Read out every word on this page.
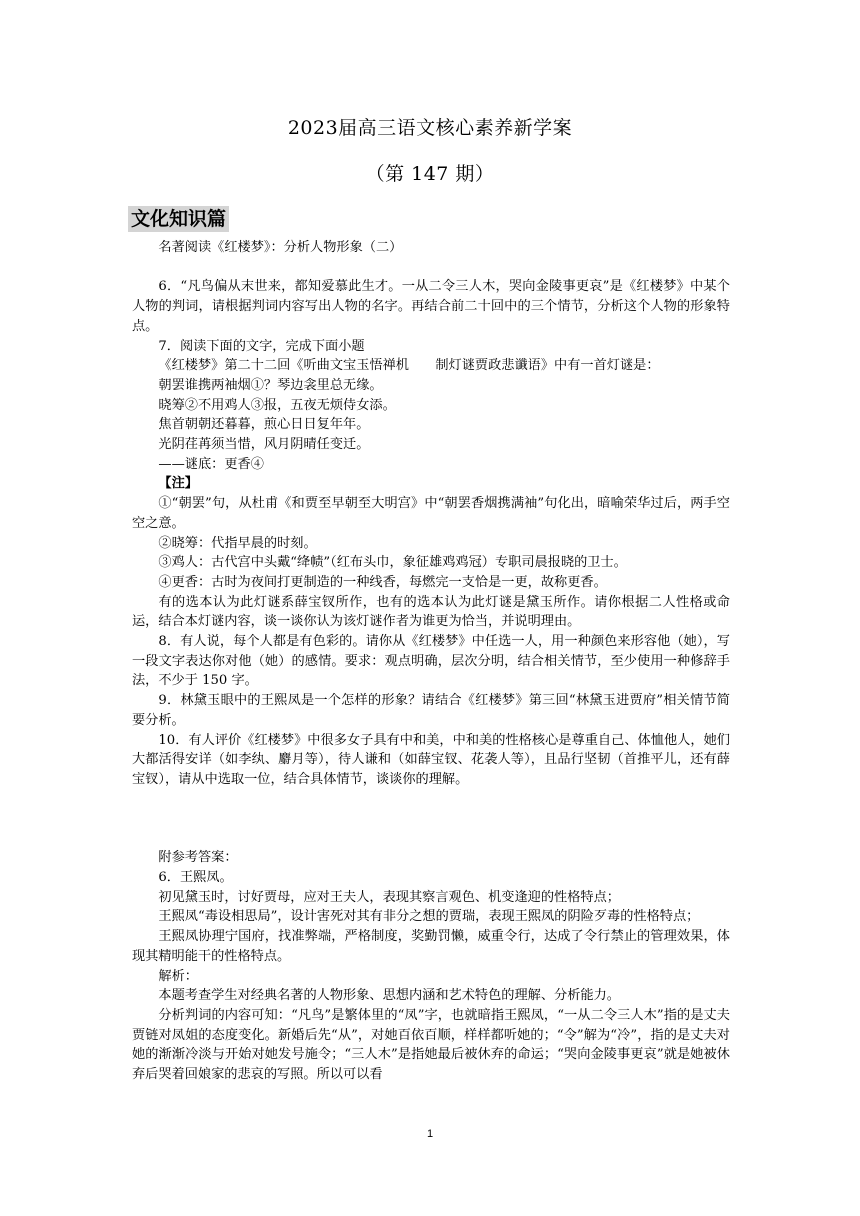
2023届高三语文核心素养新学案
（第 147 期）
文化知识篇

名著阅读《红楼梦》：分析人物形象（二）

6．“凡鸟偏从末世来，都知爱慕此生才。一从二令三人木，哭向金陵事更哀”是《红楼梦》中某个人物的判词，请根据判词内容写出人物的名字。再结合前二十回中的三个情节，分析这个人物的形象特点。

7．阅读下面的文字，完成下面小题

《红楼梦》第二十二回《听曲文宝玉悟禅机　　制灯谜贾政悲谶语》中有一首灯谜是：

朝罢谁携两袖烟①？琴边衾里总无缘。

晓筹②不用鸡人③报，五夜无烦侍女添。

焦首朝朝还暮暮，煎心日日复年年。

光阴荏苒须当惜，风月阴晴任变迁。

——谜底：更香④

【注】

①“朝罢”句，从杜甫《和贾至早朝至大明宫》中“朝罢香烟携满袖”句化出，暗喻荣华过后，两手空空之意。

②晓筹：代指早晨的时刻。

③鸡人：古代宫中头戴“绛帻”（红布头巾，象征雄鸡鸡冠）专职司晨报晓的卫士。

④更香：古时为夜间打更制造的一种线香，每燃完一支恰是一更，故称更香。

有的选本认为此灯谜系薛宝钗所作，也有的选本认为此灯谜是黛玉所作。请你根据二人性格或命运，结合本灯谜内容，谈一谈你认为该灯谜作者为谁更为恰当，并说明理由。

8．有人说，每个人都是有色彩的。请你从《红楼梦》中任选一人，用一种颜色来形容他（她），写一段文字表达你对他（她）的感情。要求：观点明确，层次分明，结合相关情节，至少使用一种修辞手法，不少于 150 字。

9．林黛玉眼中的王熙凤是一个怎样的形象？请结合《红楼梦》第三回“林黛玉进贾府”相关情节简要分析。

10．有人评价《红楼梦》中很多女子具有中和美，中和美的性格核心是尊重自己、体恤他人，她们大都活得安详（如李纨、麝月等），待人谦和（如薛宝钗、花袭人等），且品行坚韧（首推平儿，还有薛宝钗），请从中选取一位，结合具体情节，谈谈你的理解。

附参考答案：

6．王熙凤。

初见黛玉时，讨好贾母，应对王夫人，表现其察言观色、机变逢迎的性格特点；

王熙凤“毒设相思局”，设计害死对其有非分之想的贾瑞，表现王熙凤的阴险歹毒的性格特点；

王熙凤协理宁国府，找准弊端，严格制度，奖勤罚懒，威重令行，达成了令行禁止的管理效果，体现其精明能干的性格特点。

解析：

本题考查学生对经典名著的人物形象、思想内涵和艺术特色的理解、分析能力。

分析判词的内容可知：“凡鸟”是繁体里的“凤”字，也就暗指王熙凤，“一从二令三人木”指的是丈夫贾链对凤姐的态度变化。新婚后先“从”，对她百依百顺，样样都听她的；“令”解为“冷”，指的是丈夫对她的渐渐冷淡与开始对她发号施令；“三人木”是指她最后被休弃的命运；“哭向金陵事更哀”就是她被休弃后哭着回娘家的悲哀的写照。所以可以看

1
